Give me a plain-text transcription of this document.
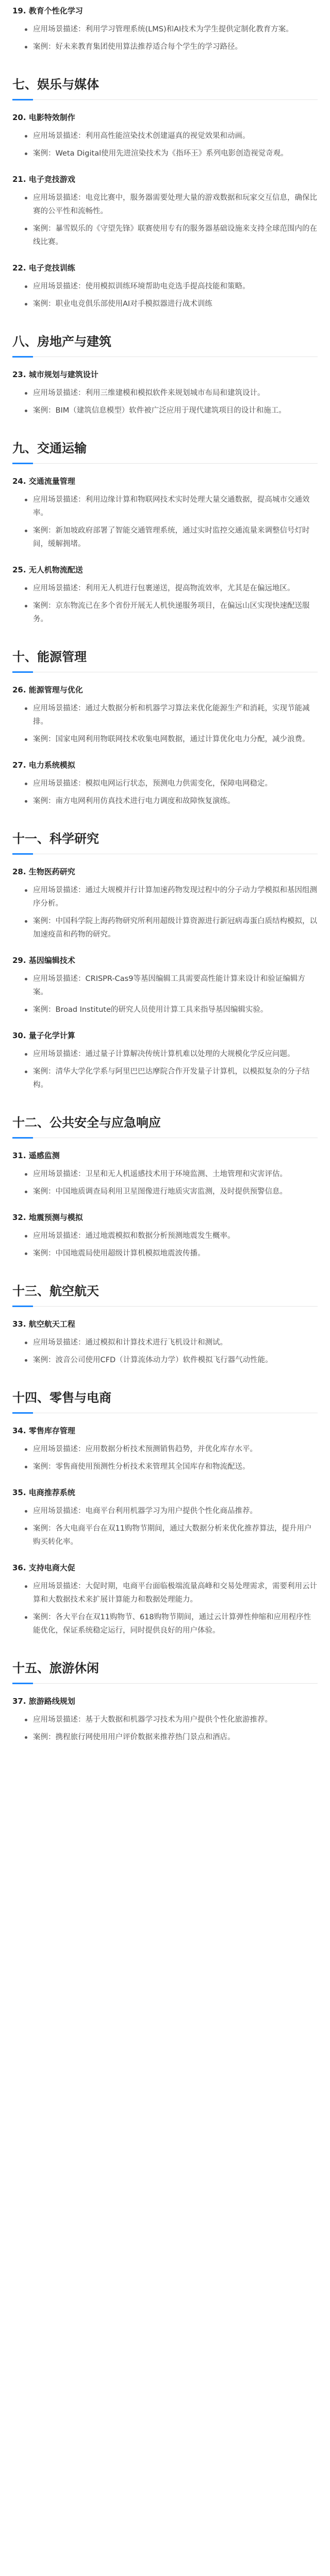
19. 教育个性化学习
应用场景描述：利用学习管理系统(LMS)和AI技术为学生提供定制化教育方案。
案例：好未来教育集团使用算法推荐适合每个学生的学习路径。
七、娱乐与媒体
20. 电影特效制作
应用场景描述：利用高性能渲染技术创建逼真的视觉效果和动画。
案例：Weta Digital使用先进渲染技术为《指环王》系列电影创造视觉奇观。
21. 电子竞技游戏
应用场景描述：电竞比赛中，服务器需要处理大量的游戏数据和玩家交互信息，确保比赛的公平性和流畅性。
案例：暴雪娱乐的《守望先锋》联赛使用专有的服务器基础设施来支持全球范围内的在线比赛。
22. 电子竞技训练
应用场景描述：使用模拟训练环境帮助电竞选手提高技能和策略。
案例：职业电竞俱乐部使用AI对手模拟器进行战术训练
八、房地产与建筑
23. 城市规划与建筑设计
应用场景描述：利用三维建模和模拟软件来规划城市布局和建筑设计。
案例：BIM（建筑信息模型）软件被广泛应用于现代建筑项目的设计和施工。
九、交通运输
24. 交通流量管理
应用场景描述：利用边缘计算和物联网技术实时处理大量交通数据，提高城市交通效率。
案例：新加坡政府部署了智能交通管理系统，通过实时监控交通流量来调整信号灯时间，缓解拥堵。
25. 无人机物流配送
应用场景描述：利用无人机进行包裹递送，提高物流效率，尤其是在偏远地区。
案例：京东物流已在多个省份开展无人机快递服务项目，在偏远山区实现快速配送服务。
十、能源管理
26. 能源管理与优化
应用场景描述：通过大数据分析和机器学习算法来优化能源生产和消耗，实现节能减排。
案例：国家电网利用物联网技术收集电网数据，通过计算优化电力分配，减少浪费。
27. 电力系统模拟
应用场景描述：模拟电网运行状态，预测电力供需变化，保障电网稳定。
案例：南方电网利用仿真技术进行电力调度和故障恢复演练。
十一、科学研究
28. 生物医药研究
应用场景描述：通过大规模并行计算加速药物发现过程中的分子动力学模拟和基因组测序分析。
案例：中国科学院上海药物研究所利用超级计算资源进行新冠病毒蛋白质结构模拟，以加速疫苗和药物的研究。
29. 基因编辑技术
应用场景描述：CRISPR-Cas9等基因编辑工具需要高性能计算来设计和验证编辑方案。
案例：Broad Institute的研究人员使用计算工具来指导基因编辑实验。
30. 量子化学计算
应用场景描述：通过量子计算解决传统计算机难以处理的大规模化学反应问题。
案例：清华大学化学系与阿里巴巴达摩院合作开发量子计算机，以模拟复杂的分子结构。
十二、公共安全与应急响应
31. 遥感监测
应用场景描述：卫星和无人机遥感技术用于环境监测、土地管理和灾害评估。
案例：中国地质调查局利用卫星图像进行地质灾害监测，及时提供预警信息。
32. 地震预测与模拟
应用场景描述：通过地震模拟和数据分析预测地震发生概率。
案例：中国地震局使用超级计算机模拟地震波传播。
十三、航空航天
33. 航空航天工程
应用场景描述：通过模拟和计算技术进行飞机设计和测试。
案例：波音公司使用CFD（计算流体动力学）软件模拟飞行器气动性能。
十四、零售与电商
34. 零售库存管理
应用场景描述：应用数据分析技术预测销售趋势，并优化库存水平。
案例：零售商使用预测性分析技术来管理其全国库存和物流配送。
35. 电商推荐系统
应用场景描述：电商平台利用机器学习为用户提供个性化商品推荐。
案例：各大电商平台在双11购物节期间，通过大数据分析来优化推荐算法，提升用户购买转化率。
36. 支持电商大促
应用场景描述：大促时期，电商平台面临极端流量高峰和交易处理需求，需要利用云计算和大数据技术来扩展计算能力和数据处理能力。
案例：各大平台在双11购物节、618购物节期间，通过云计算弹性伸缩和应用程序性能优化，保证系统稳定运行，同时提供良好的用户体验。
十五、旅游休闲
37. 旅游路线规划
应用场景描述：基于大数据和机器学习技术为用户提供个性化旅游推荐。
案例：携程旅行网使用用户评价数据来推荐热门景点和酒店。
